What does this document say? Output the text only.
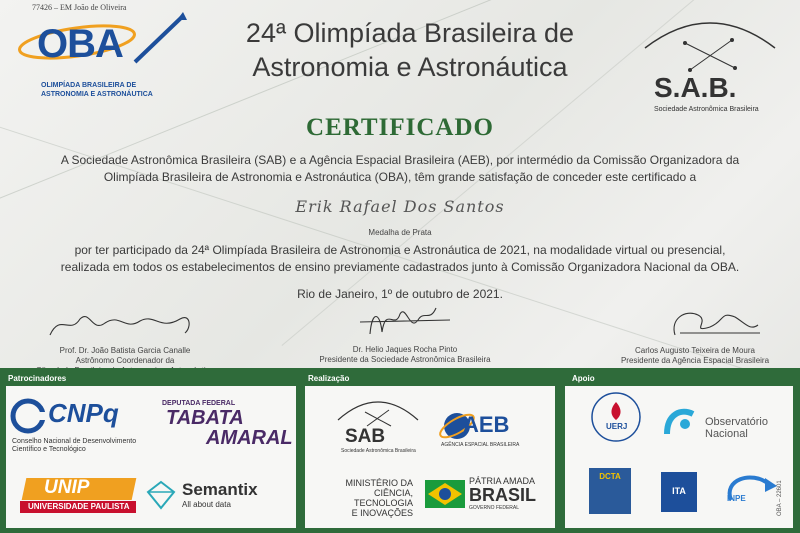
77426 – EM João de Oliveira
OBA
OLIMPÍADA BRASILEIRA DE
ASTRONOMIA E ASTRONÁUTICA
24ª Olimpíada Brasileira de
Astronomia e Astronáutica
S.A.B.
Sociedade Astronômica Brasileira
CERTIFICADO
A Sociedade Astronômica Brasileira (SAB) e a Agência Espacial Brasileira (AEB), por intermédio da Comissão Organizadora da
Olimpíada Brasileira de Astronomia e Astronáutica (OBA), têm grande satisfação de conceder este certificado a
Erik Rafael Dos Santos
Medalha de Prata
por ter participado da 24ª Olimpíada Brasileira de Astronomia e Astronáutica de 2021, na modalidade virtual ou presencial,
realizada em todos os estabelecimentos de ensino previamente cadastrados junto à Comissão Organizadora Nacional da OBA.
Rio de Janeiro, 1º de outubro de 2021.
Prof. Dr. João Batista Garcia Canalle
Astrônomo Coordenador da
Dr. Helio Jaques Rocha Pinto
Presidente da Sociedade Astronômica Brasileira
Carlos Augusto Teixeira de Moura
Presidente da Agência Espacial Brasileira
Patrocinadores
CNPq
Conselho Nacional de Desenvolvimento
Científico e Tecnológico
DEPUTADA FEDERAL
TABATA
AMARAL
UNIP
UNIVERSIDADE PAULISTA
Semantix
All about data
Realização
SAB
Sociedade Astronômica Brasileira
AEB
AGÊNCIA ESPACIAL BRASILEIRA
MINISTÉRIO DA
CIÊNCIA, TECNOLOGIA
E INOVAÇÕES
PÁTRIA AMADA
BRASIL
GOVERNO FEDERAL
Apoio
UERJ	Observatório
Nacional
DCTA
ITA
INPE	OBA – 22601
